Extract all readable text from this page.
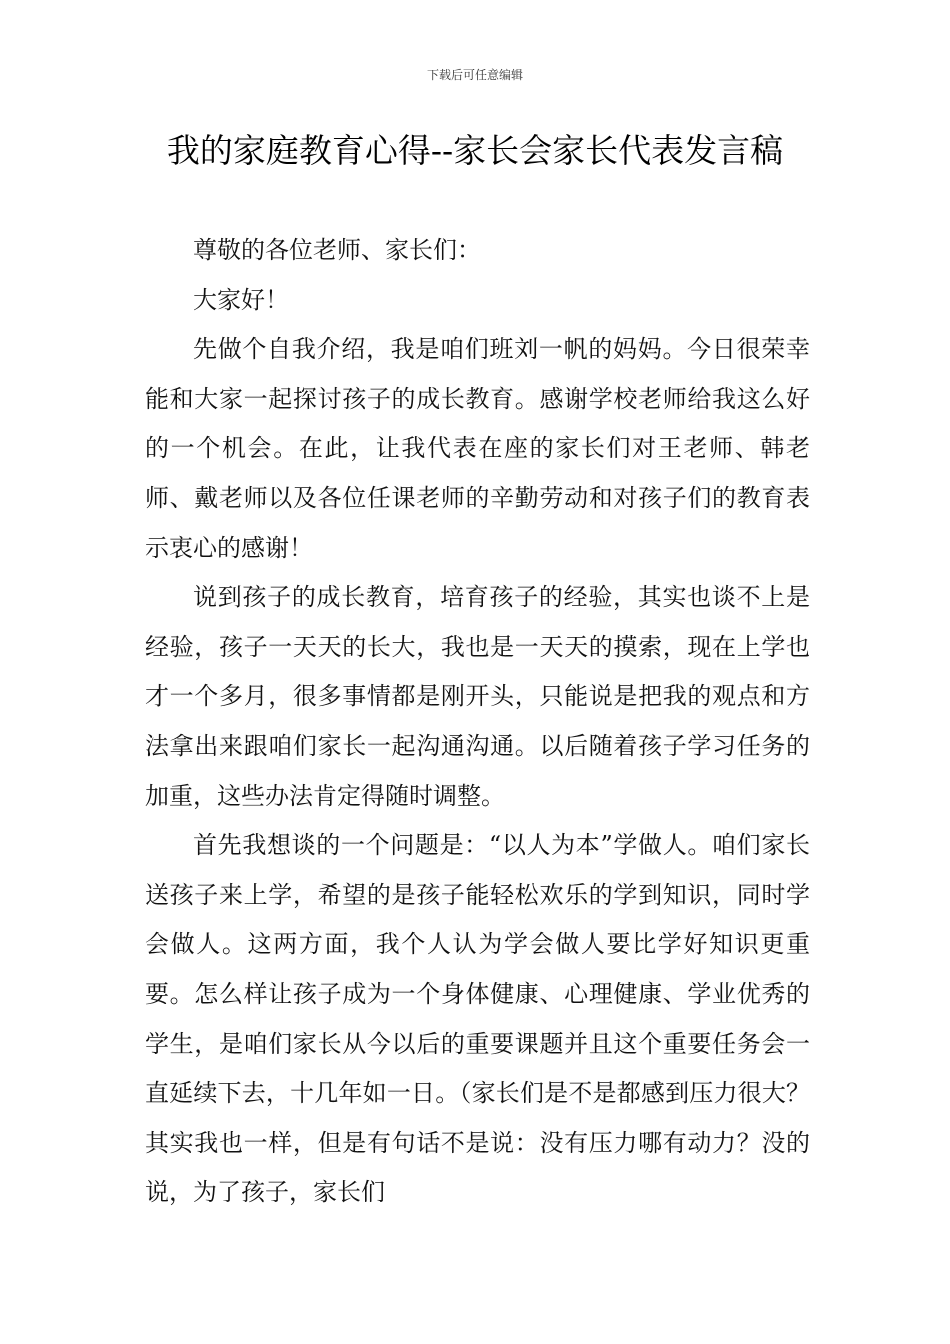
下载后可任意编辑
我的家庭教育心得--家长会家长代表发言稿

尊敬的各位老师、家长们：

大家好！

先做个自我介绍，我是咱们班刘一帆的妈妈。今日很荣幸能和大家一起探讨孩子的成长教育。感谢学校老师给我这么好的一个机会。在此，让我代表在座的家长们对王老师、韩老师、戴老师以及各位任课老师的辛勤劳动和对孩子们的教育表示衷心的感谢！

说到孩子的成长教育，培育孩子的经验，其实也谈不上是经验，孩子一天天的长大，我也是一天天的摸索，现在上学也才一个多月，很多事情都是刚开头，只能说是把我的观点和方法拿出来跟咱们家长一起沟通沟通。以后随着孩子学习任务的加重，这些办法肯定得随时调整。

首先我想谈的一个问题是：“以人为本”学做人。咱们家长送孩子来上学，希望的是孩子能轻松欢乐的学到知识，同时学会做人。这两方面，我个人认为学会做人要比学好知识更重要。怎么样让孩子成为一个身体健康、心理健康、学业优秀的学生，是咱们家长从今以后的重要课题并且这个重要任务会一直延续下去，十几年如一日。（家长们是不是都感到压力很大？其实我也一样，但是有句话不是说：没有压力哪有动力？没的说，为了孩子，家长们
